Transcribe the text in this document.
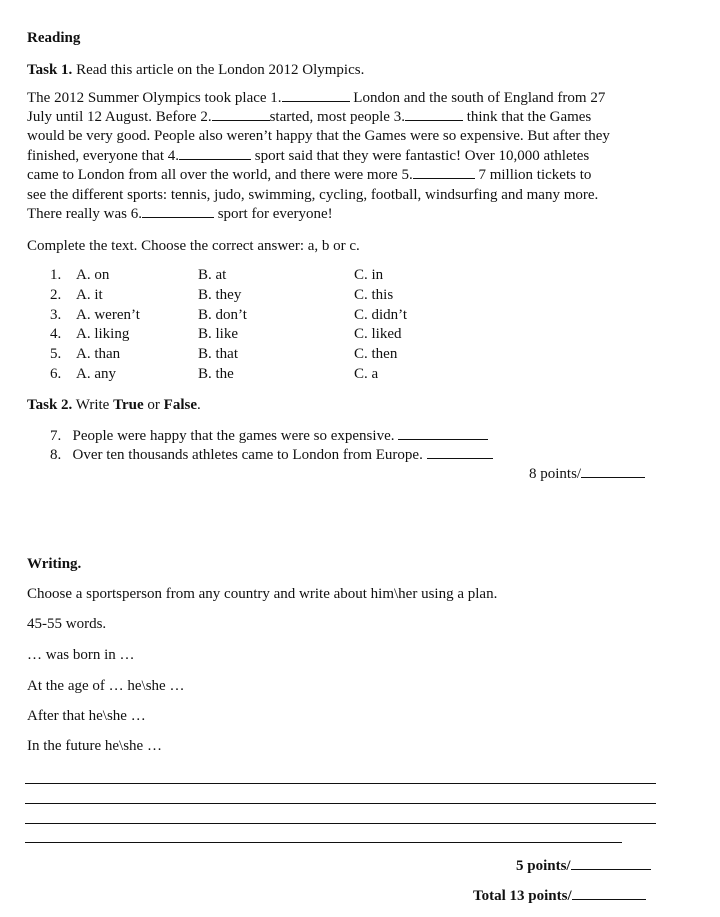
Reading
Task 1. Read this article on the London 2012 Olympics.
The 2012 Summer Olympics took place 1.	London and the south of England from 27
July until 12 August. Before 2.	started, most people 3.	think that the Games
would be very good. People also weren’t happy that the Games were so expensive. But after they
finished, everyone that 4.	sport said that they were fantastic! Over 10,000 athletes
came to London from all over the world, and there were more 5.	7 million tickets to
see the different sports: tennis, judo, swimming, cycling, football, windsurfing and many more.
There really was 6.	sport for everyone!
Complete the text. Choose the correct answer: a, b or c.
1. A. on	B. at	C. in
2. A. it	B. they	C. this
3. A. weren’t	B. don’t	C. didn’t
4. A. liking	B. like	C. liked
5. A. than	B. that	C. then
6. A. any	B. the	C. a
Task 2. Write True or False.
7. People were happy that the games were so expensive.
8. Over ten thousands athletes came to London from Europe.
8 points/
Writing.
Choose a sportsperson from any country and write about him\her using a plan.
45-55 words.
… was born in …
At the age of … he\she …
After that he\she …
In the future he\she …
5 points/
Total 13 points/
